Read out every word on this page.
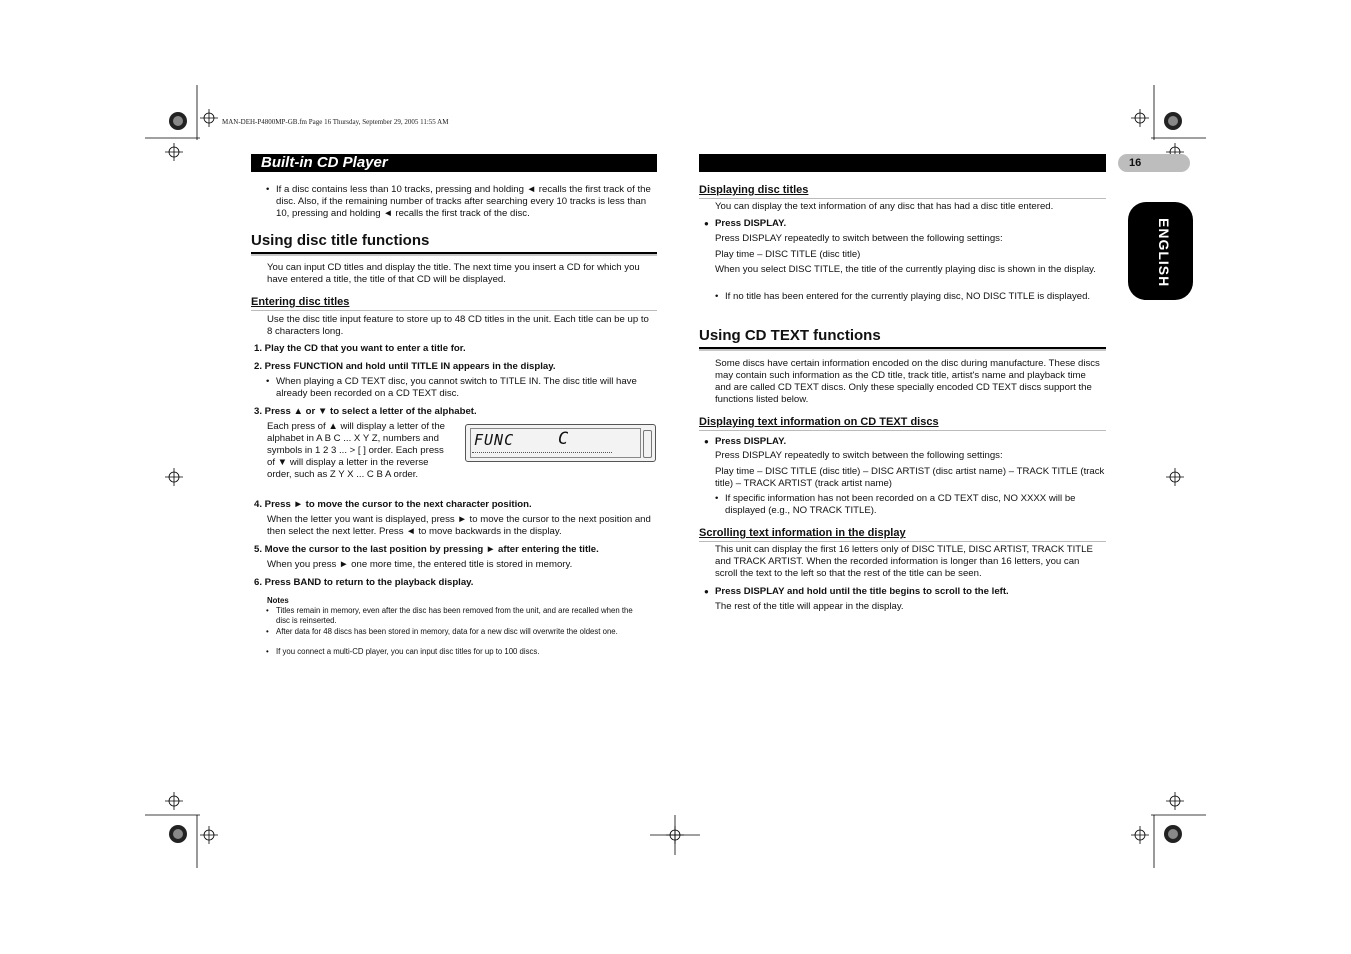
MAN-DEH-P4800MP-GB.fm Page 16 Thursday, September 29, 2005 11:55 AM
Built-in CD Player	16
ENGLISH
• If a disc contains less than 10 tracks, pressing and holding ◄ recalls the first track of the disc. Also, if the remaining number of tracks after searching every 10 tracks is less than 10, pressing and holding ◄ recalls the first track of the disc.
Using disc title functions
You can input CD titles and display the title. The next time you insert a CD for which you have entered a title, the title of that CD will be displayed.
Entering disc titles
Use the disc title input feature to store up to 48 CD titles in the unit. Each title can be up to 8 characters long.
1. Play the CD that you want to enter a title for.
2. Press FUNCTION and hold until TITLE IN appears in the display.
• When playing a CD TEXT disc, you cannot switch to TITLE IN. The disc title will have already been recorded on a CD TEXT disc.
3. Press ▲ or ▼ to select a letter of the alphabet.
Each press of ▲ will display a letter of the alphabet in A B C ... X Y Z, numbers and symbols in 1 2 3 ... > [ ] order. Each press of ▼ will display a letter in the reverse order, such as Z Y X ... C B A order.
FUNC	C
4. Press ► to move the cursor to the next character position.
When the letter you want is displayed, press ► to move the cursor to the next position and then select the next letter. Press ◄ to move backwards in the display.
5. Move the cursor to the last position by pressing ► after entering the title.
When you press ► one more time, the entered title is stored in memory.
6. Press BAND to return to the playback display.
Notes
• Titles remain in memory, even after the disc has been removed from the unit, and are recalled when the disc is reinserted.
• After data for 48 discs has been stored in memory, data for a new disc will overwrite the oldest one.
• If you connect a multi-CD player, you can input disc titles for up to 100 discs.
Displaying disc titles
You can display the text information of any disc that has had a disc title entered.
● Press DISPLAY.
Press DISPLAY repeatedly to switch between the following settings:
Play time – DISC TITLE (disc title)
When you select DISC TITLE, the title of the currently playing disc is shown in the display.
• If no title has been entered for the currently playing disc, NO DISC TITLE is displayed.
Using CD TEXT functions
Some discs have certain information encoded on the disc during manufacture. These discs may contain such information as the CD title, track title, artist's name and playback time and are called CD TEXT discs. Only these specially encoded CD TEXT discs support the functions listed below.
Displaying text information on CD TEXT discs
● Press DISPLAY.
Press DISPLAY repeatedly to switch between the following settings:
Play time – DISC TITLE (disc title) – DISC ARTIST (disc artist name) – TRACK TITLE (track title) – TRACK ARTIST (track artist name)
• If specific information has not been recorded on a CD TEXT disc, NO XXXX will be displayed (e.g., NO TRACK TITLE).
Scrolling text information in the display
This unit can display the first 16 letters only of DISC TITLE, DISC ARTIST, TRACK TITLE and TRACK ARTIST. When the recorded information is longer than 16 letters, you can scroll the text to the left so that the rest of the title can be seen.
● Press DISPLAY and hold until the title begins to scroll to the left.
The rest of the title will appear in the display.
